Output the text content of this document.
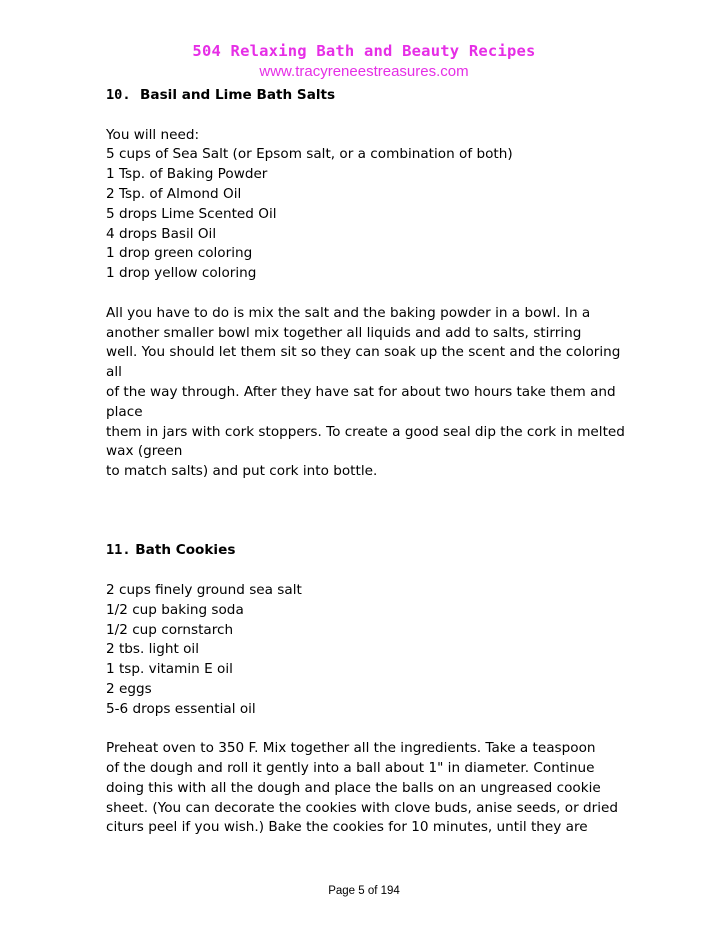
504 Relaxing Bath and Beauty Recipes
www.tracyreneestreasures.com
10. Basil and Lime Bath Salts
You will need:
5 cups of Sea Salt (or Epsom salt, or a combination of both)
1 Tsp. of Baking Powder
2 Tsp. of Almond Oil
5 drops Lime Scented Oil
4 drops Basil Oil
1 drop green coloring
1 drop yellow coloring
All you have to do is mix the salt and the baking powder in a bowl. In a
another smaller bowl mix together all liquids and add to salts, stirring
well. You should let them sit so they can soak up the scent and the coloring
all
of the way through. After they have sat for about two hours take them and
place
them in jars with cork stoppers. To create a good seal dip the cork in melted
wax (green
to match salts) and put cork into bottle.
11. Bath Cookies
2 cups finely ground sea salt
1/2 cup baking soda
1/2 cup cornstarch
2 tbs. light oil
1 tsp. vitamin E oil
2 eggs
5-6 drops essential oil
Preheat oven to 350 F. Mix together all the ingredients. Take a teaspoon
of the dough and roll it gently into a ball about 1" in diameter. Continue
doing this with all the dough and place the balls on an ungreased cookie
sheet. (You can decorate the cookies with clove buds, anise seeds, or dried
citurs peel if you wish.) Bake the cookies for 10 minutes, until they are
Page 5 of 194
